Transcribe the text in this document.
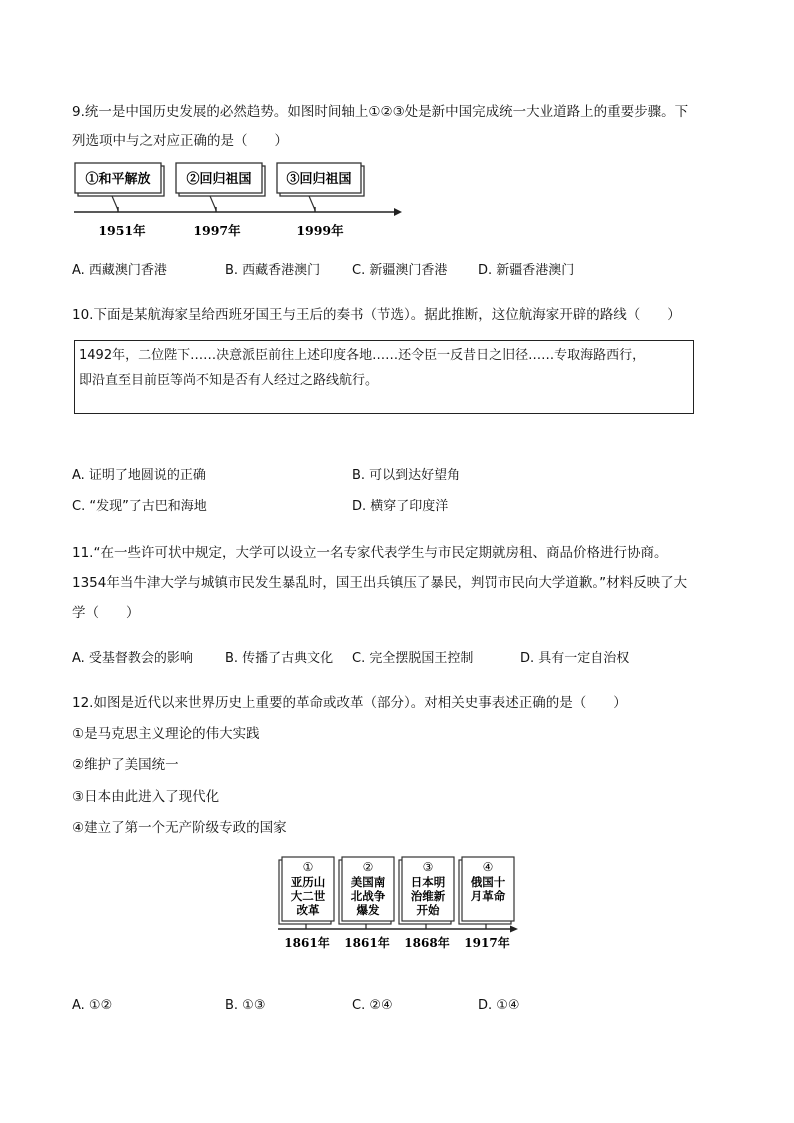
9.统一是中国历史发展的必然趋势。如图时间轴上①②③处是新中国完成统一大业道路上的重要步骤。下
列选项中与之对应正确的是（　　）
①和平解放	②回归祖国	③回归祖国
1951年	1997年	1999年
A. 西藏澳门香港	B. 西藏香港澳门 C. 新疆澳门香港 D. 新疆香港澳门
10.下面是某航海家呈给西班牙国王与王后的奏书（节选）。据此推断，这位航海家开辟的路线（　　）
1492年，二位陛下……决意派臣前往上述印度各地……还令臣一反昔日之旧径……专取海路西行，
即沿直至目前臣等尚不知是否有人经过之路线航行。
A. 证明了地圆说的正确	B. 可以到达好望角
C. “发现”了古巴和海地	D. 横穿了印度洋
11.“在一些许可状中规定，大学可以设立一名专家代表学生与市民定期就房租、商品价格进行协商。
1354年当牛津大学与城镇市民发生暴乱时，国王出兵镇压了暴民，判罚市民向大学道歉。”材料反映了大
学（　　）
A. 受基督教会的影响 B. 传播了古典文化 C. 完全摆脱国王控制	D. 具有一定自治权
12.如图是近代以来世界历史上重要的革命或改革（部分）。对相关史事表述正确的是（　　）
①是马克思主义理论的伟大实践
②维护了美国统一
③日本由此进入了现代化
④建立了第一个无产阶级专政的国家
①
亚历山
大二世
改革
②
美国南
北战争
爆发
③
日本明
治维新
开始
④
俄国十
月革命
1861年 1861年 1868年 1917年
A. ①②	B. ①③	C. ②④	D. ①④
